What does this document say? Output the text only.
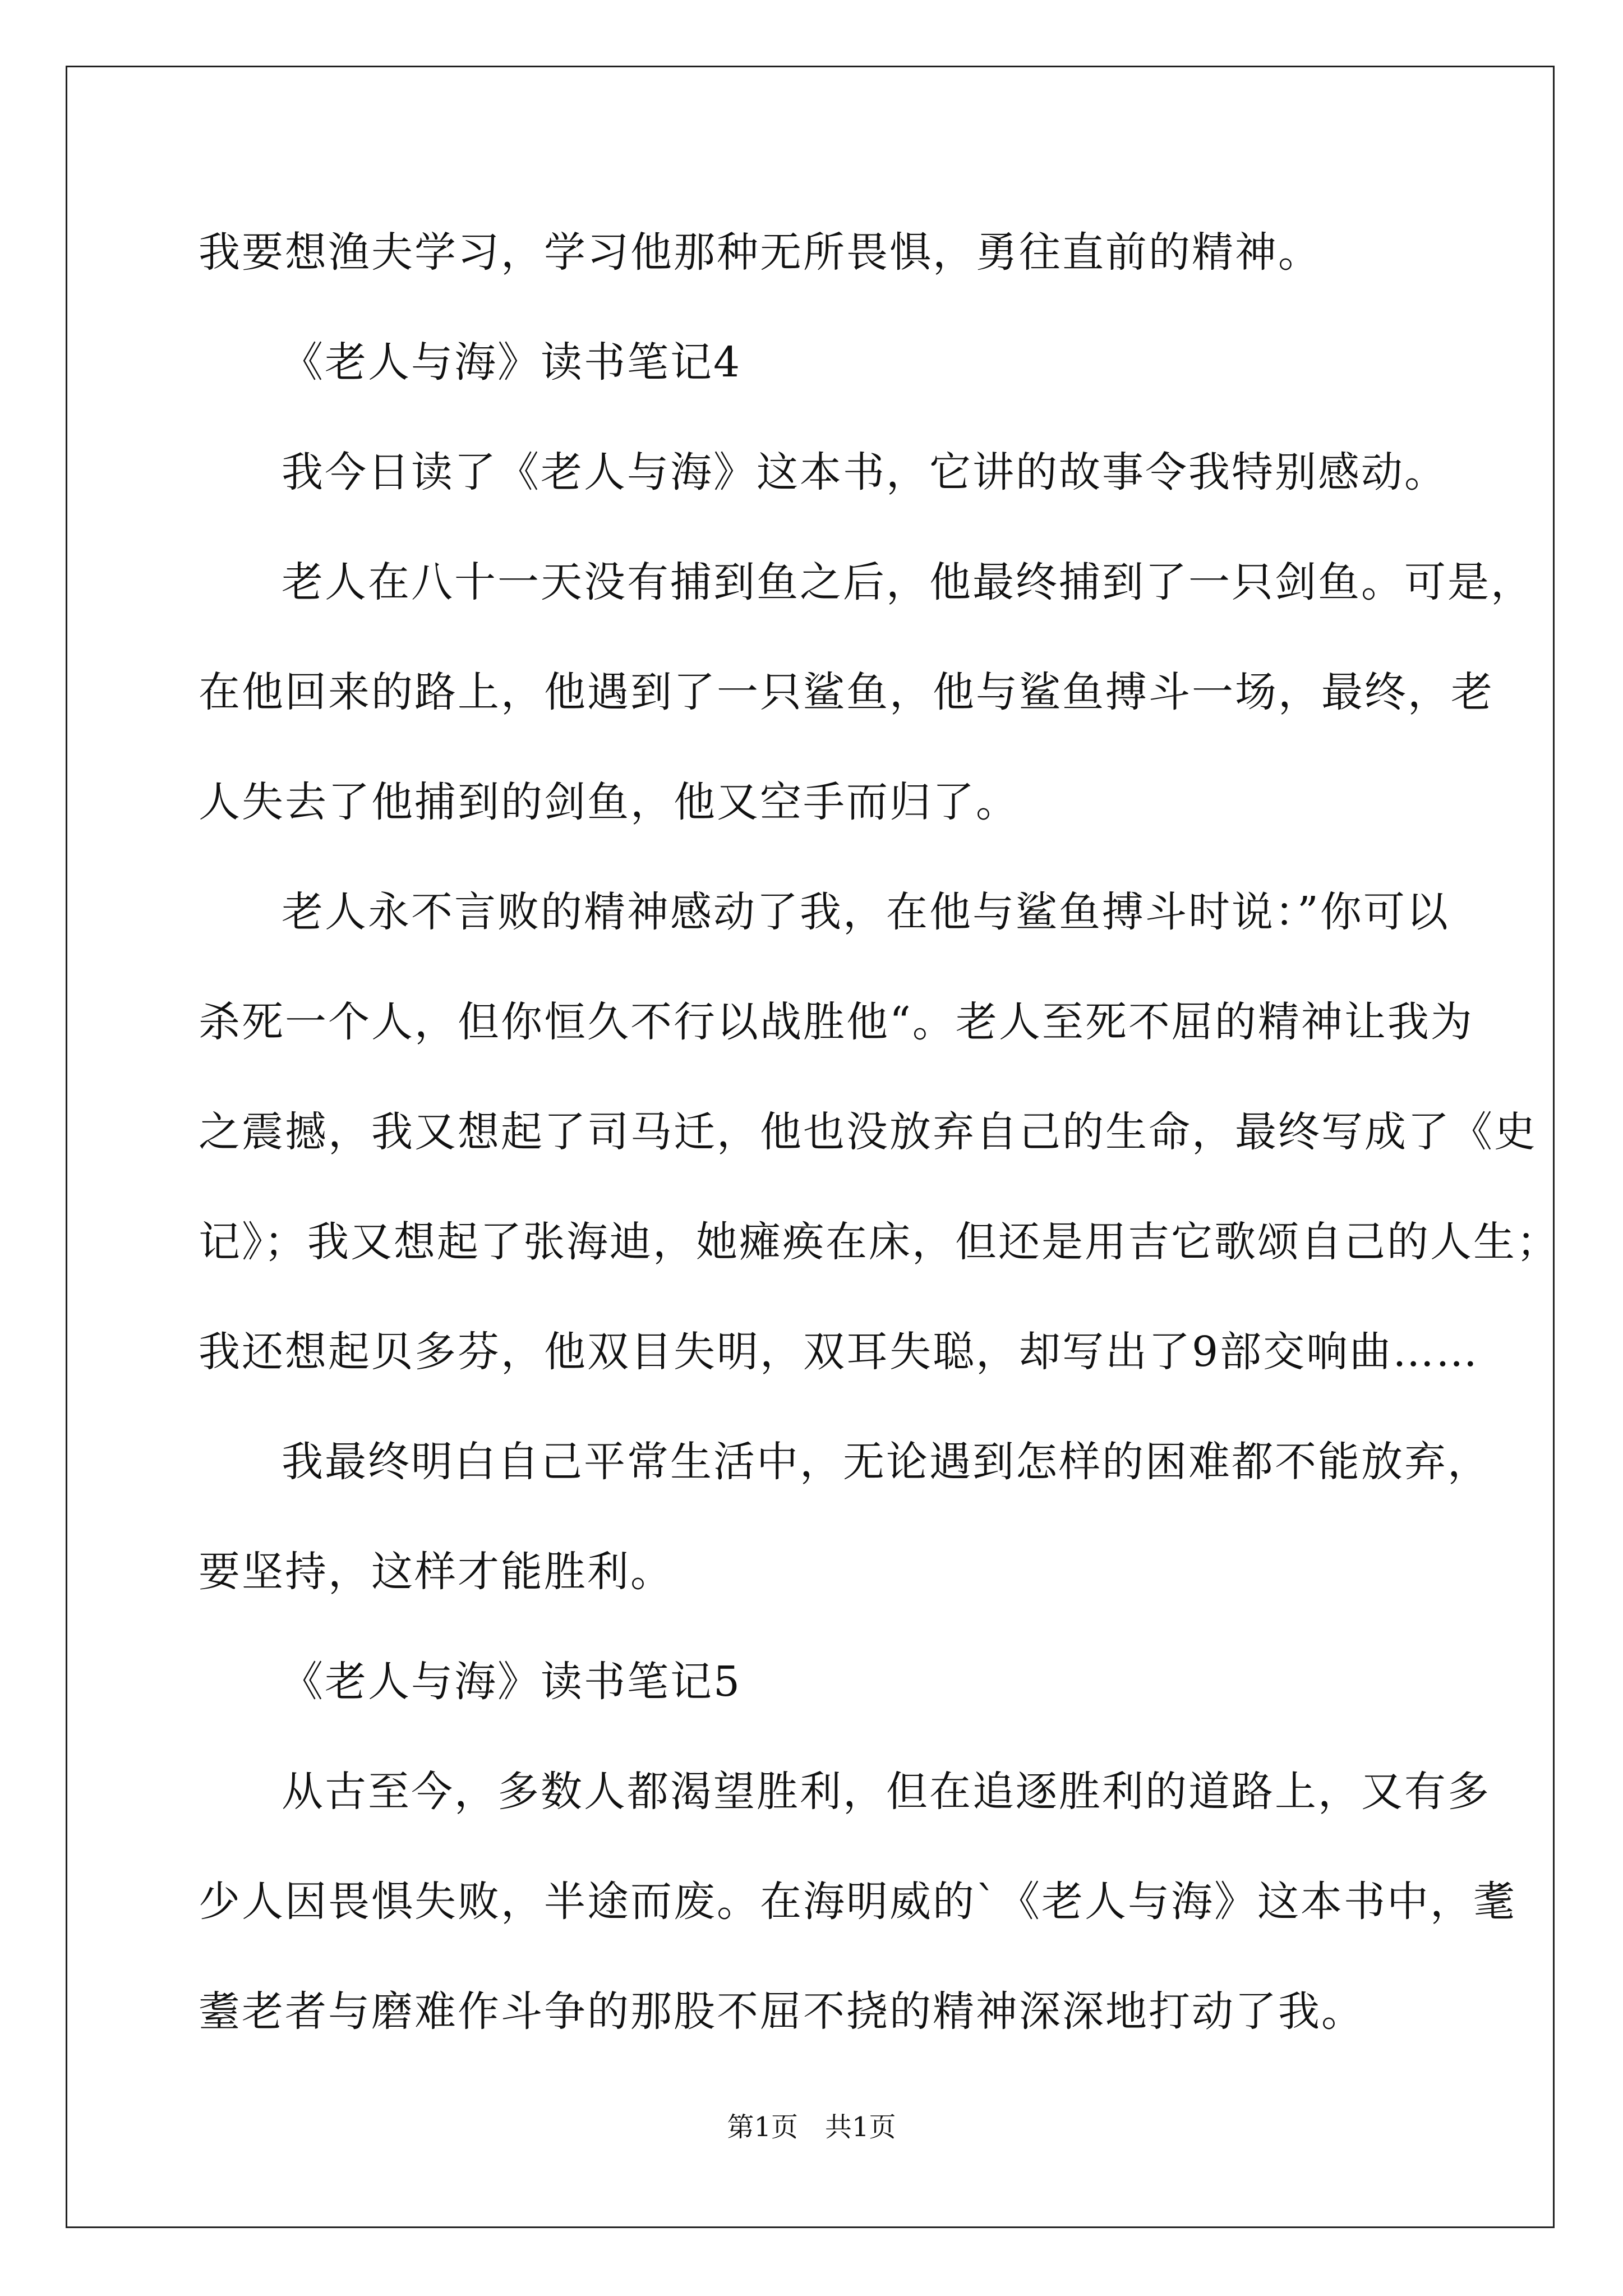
我要想渔夫学习，学习他那种无所畏惧，勇往直前的精神。
《老人与海》读书笔记4
我今日读了《老人与海》这本书，它讲的故事令我特别感动。
老人在八十一天没有捕到鱼之后，他最终捕到了一只剑鱼。可是，
在他回来的路上，他遇到了一只鲨鱼，他与鲨鱼搏斗一场，最终，老
人失去了他捕到的剑鱼，他又空手而归了。
老人永不言败的精神感动了我，在他与鲨鱼搏斗时说：”你可以
杀死一个人，但你恒久不行以战胜他“。老人至死不屈的精神让我为
之震撼，我又想起了司马迁，他也没放弃自己的生命，最终写成了《史
记》；我又想起了张海迪，她瘫痪在床，但还是用吉它歌颂自己的人生；
我还想起贝多芬，他双目失明，双耳失聪，却写出了9部交响曲……
我最终明白自己平常生活中，无论遇到怎样的困难都不能放弃，
要坚持，这样才能胜利。
《老人与海》读书笔记5
从古至今，多数人都渴望胜利，但在追逐胜利的道路上，又有多
少人因畏惧失败，半途而废。在海明威的`《老人与海》这本书中，耄
耋老者与磨难作斗争的那股不屈不挠的精神深深地打动了我。
第1页　共1页
